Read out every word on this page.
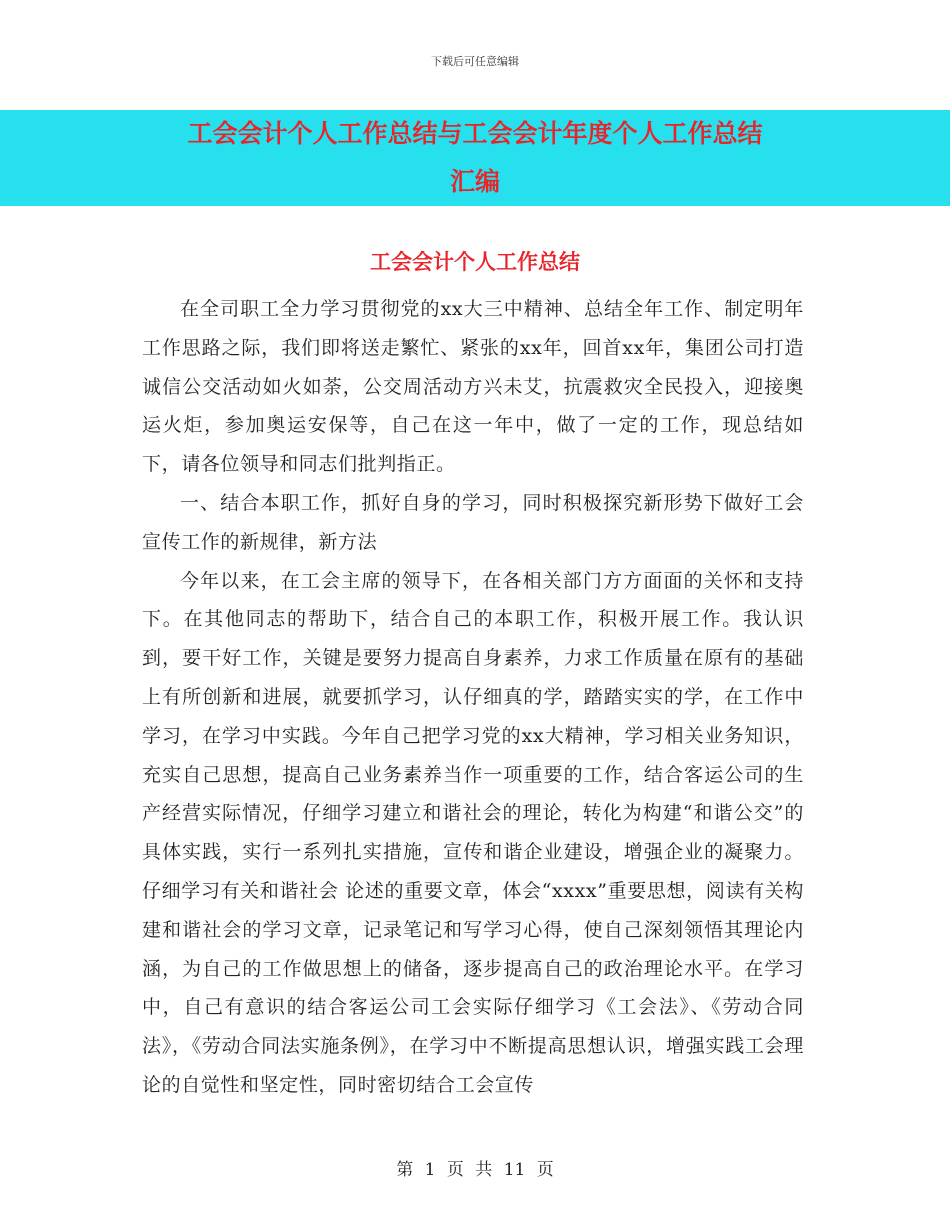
下载后可任意编辑
工会会计个人工作总结与工会会计年度个人工作总结
汇编
工会会计个人工作总结

在全司职工全力学习贯彻党的xx大三中精神、总结全年工作、制定明年工作思路之际，我们即将送走繁忙、紧张的xx年，回首xx年，集团公司打造诚信公交活动如火如荼，公交周活动方兴未艾，抗震救灾全民投入，迎接奥运火炬，参加奥运安保等，自己在这一年中，做了一定的工作，现总结如下，请各位领导和同志们批判指正。

一、结合本职工作，抓好自身的学习，同时积极探究新形势下做好工会宣传工作的新规律，新方法

今年以来，在工会主席的领导下，在各相关部门方方面面的关怀和支持下。在其他同志的帮助下，结合自己的本职工作，积极开展工作。我认识到，要干好工作，关键是要努力提高自身素养，力求工作质量在原有的基础上有所创新和进展，就要抓学习，认仔细真的学，踏踏实实的学，在工作中学习，在学习中实践。今年自己把学习党的xx大精神，学习相关业务知识，充实自己思想，提高自己业务素养当作一项重要的工作，结合客运公司的生产经营实际情况，仔细学习建立和谐社会的理论，转化为构建“和谐公交”的具体实践，实行一系列扎实措施，宣传和谐企业建设，增强企业的凝聚力。仔细学习有关和谐社会 论述的重要文章，体会“xxxx”重要思想，阅读有关构建和谐社会的学习文章，记录笔记和写学习心得，使自己深刻领悟其理论内涵，为自己的工作做思想上的储备，逐步提高自己的政治理论水平。在学习中，自己有意识的结合客运公司工会实际仔细学习《工会法》、《劳动合同法》，《劳动合同法实施条例》，在学习中不断提高思想认识，增强实践工会理论的自觉性和坚定性，同时密切结合工会宣传

第 1 页 共 11 页
